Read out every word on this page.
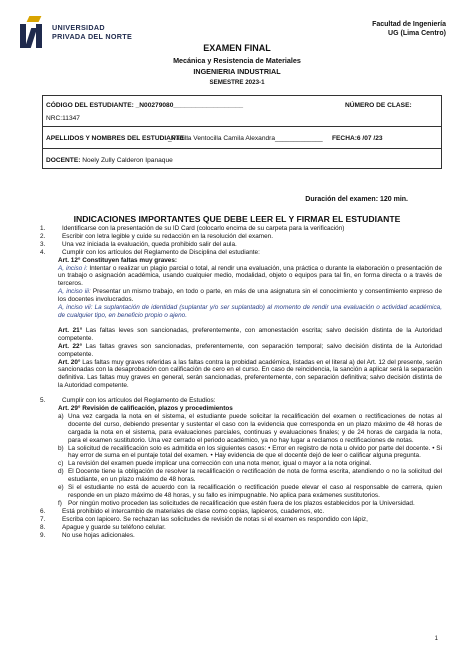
UNIVERSIDAD
PRIVADA DEL NORTE
Facultad de Ingeniería
UG (Lima Centro)
EXAMEN FINAL
Mecánica y Resistencia de Materiales
INGENIERIA INDUSTRIAL
SEMESTRE 2023-1
CÓDIGO DEL ESTUDIANTE: _N00279080___________________	NÚMERO DE CLASE:
NRC:11347
APELLIDOS Y NOMBRES DEL ESTUDIANTE :
_Padilla Ventocilla Camila Alexandra_____________ FECHA:6 /07 /23
DOCENTE: Noely Zully Calderon Ipanaque
Duración del examen: 120 min.
INDICACIONES IMPORTANTES QUE DEBE LEER EL Y FIRMAR EL ESTUDIANTE
1.	Identificarse con la presentación de su ID Card (colocarlo encima de su carpeta para la verificación)
2.	Escribir con letra legible y cuide su redacción en la resolución del examen.
3.	Una vez iniciada la evaluación, queda prohibido salir del aula.
4.	Cumplir con los artículos del Reglamento de Disciplina del estudiante:

Art. 12° Constituyen faltas muy graves:

A, inciso i: Intentar o realizar un plagio parcial o total, al rendir una evaluación, una práctica o durante la elaboración o presentación de un trabajo o asignación académica, usando cualquier medio, modalidad, objeto o equipos para tal fin, en forma directa o a través de terceros.

A, inciso iii: Presentar un mismo trabajo, en todo o parte, en más de una asignatura sin el conocimiento y consentimiento expreso de los docentes involucrados.

A, inciso vii: La suplantación de identidad (suplantar y/o ser suplantado) al momento de rendir una evaluación o actividad académica, de cualquier tipo, en beneficio propio o ajeno.

Art. 21° Las faltas leves son sancionadas, preferentemente, con amonestación escrita; salvo decisión distinta de la Autoridad competente.

Art. 22° Las faltas graves son sancionadas, preferentemente, con separación temporal; salvo decisión distinta de la Autoridad competente.

Art. 20° Las faltas muy graves referidas a las faltas contra la probidad académica, listadas en el literal a) del Art. 12 del presente, serán sancionadas con la desaprobación con calificación de cero en el curso. En caso de reincidencia, la sanción a aplicar será la separación definitiva. Las faltas muy graves en general, serán sancionadas, preferentemente, con separación definitiva; salvo decisión distinta de la Autoridad competente.

5.	Cumplir con los artículos del Reglamento de Estudios:

Art. 29° Revisión de calificación, plazos y procedimientos

a) Una vez cargada la nota en el sistema, el estudiante puede solicitar la recalificación del examen o rectificaciones de notas al docente del curso, debiendo presentar y sustentar el caso con la evidencia que corresponda en un plazo máximo de 48 horas de cargada la nota en el sistema, para evaluaciones parciales, continuas y evaluaciones finales; y de 24 horas de cargada la nota, para el examen sustitutorio. Una vez cerrado el periodo académico, ya no hay lugar a reclamos o rectificaciones de notas.
b) La solicitud de recalificación solo es admitida en los siguientes casos: • Error en registro de nota u olvido por parte del docente. • Si hay error de suma en el puntaje total del examen. • Hay evidencia de que el docente dejó de leer o calificar alguna pregunta.
c) La revisión del examen puede implicar una corrección con una nota menor, igual o mayor a la nota original.
d) El Docente tiene la obligación de resolver la recalificación o rectificación de nota de forma escrita, atendiendo o no la solicitud del estudiante, en un plazo máximo de 48 horas.
e) Si el estudiante no está de acuerdo con la recalificación o rectificación puede elevar el caso al responsable de carrera, quien responde en un plazo máximo de 48 horas, y su fallo es inimpugnable. No aplica para exámenes sustitutorios.
f) Por ningún motivo proceden las solicitudes de recalificación que estén fuera de los plazos establecidos por la Universidad.
6.	Está prohibido el intercambio de materiales de clase como copias, lapiceros, cuadernos, etc.
7.	Escriba con lapicero. Se rechazan las solicitudes de revisión de notas si el examen es respondido con lápiz,
8.	Apague y guarde su teléfono celular.
9.	No use hojas adicionales.
1
